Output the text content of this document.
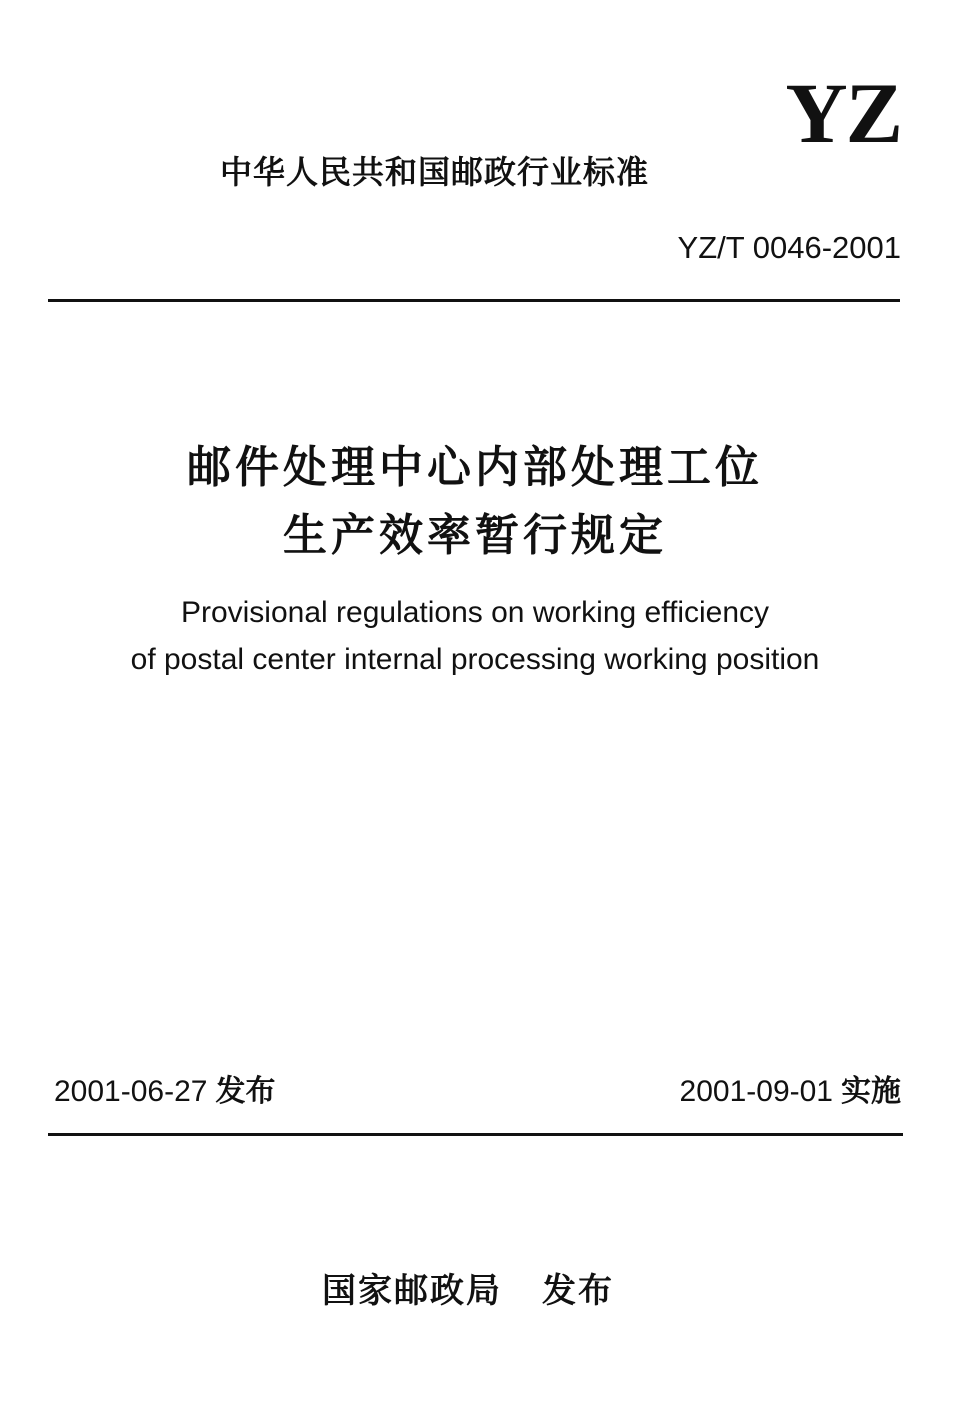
YZ
中华人民共和国邮政行业标准
YZ/T 0046-2001
邮件处理中心内部处理工位
生产效率暂行规定
Provisional regulations on working efficiency
of postal center internal processing working position
2001-06-27 发布	2001-09-01 实施
国家邮政局 发布
